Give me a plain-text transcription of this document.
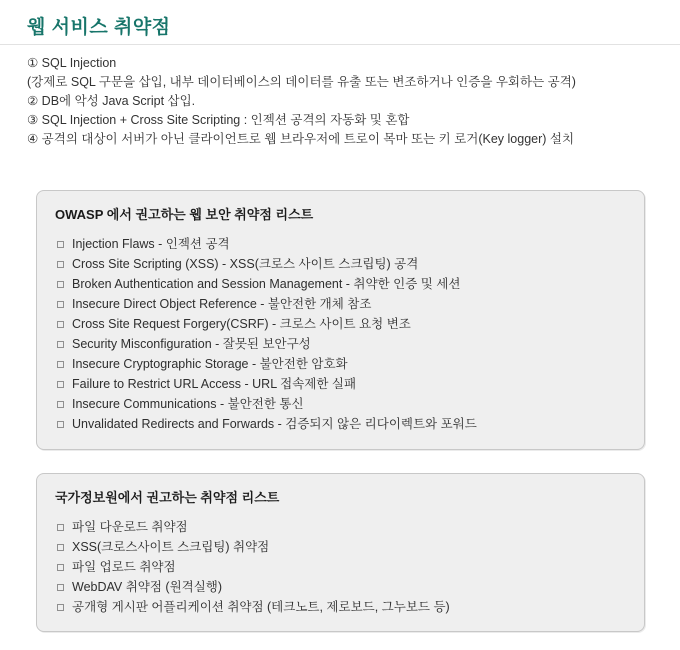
웹 서비스 취약점

① SQL Injection

(강제로 SQL 구문을 삽입, 내부 데이터베이스의 데이터를 유출 또는 변조하거나 인증을 우회하는 공격)

② DB에 악성 Java Script 삽입.

③ SQL Injection + Cross Site Scripting : 인젝션 공격의 자동화 및 혼합

④ 공격의 대상이 서버가 아닌 클라이언트로 웹 브라우저에 트로이 목마 또는 키 로거(Key logger) 설치

OWASP 에서 권고하는 웹 보안 취약점 리스트
Injection Flaws - 인젝션 공격
Cross Site Scripting (XSS) - XSS(크로스 사이트 스크립팅) 공격
Broken Authentication and Session Management - 취약한 인증 및 세션
Insecure Direct Object Reference - 불안전한 개체 참조
Cross Site Request Forgery(CSRF) - 크로스 사이트 요청 변조
Security Misconfiguration - 잘못된 보안구성
Insecure Cryptographic Storage - 불안전한 암호화
Failure to Restrict URL Access - URL 접속제한 실패
Insecure Communications - 불안전한 통신
Unvalidated Redirects and Forwards - 검증되지 않은 리다이렉트와 포워드
국가정보원에서 권고하는 취약점 리스트
파일 다운로드 취약점
XSS(크로스사이트 스크립팅) 취약점
파일 업로드 취약점
WebDAV 취약점 (원격실행)
공개형 게시판 어플리케이션 취약점 (테크노트, 제로보드, 그누보드 등)
